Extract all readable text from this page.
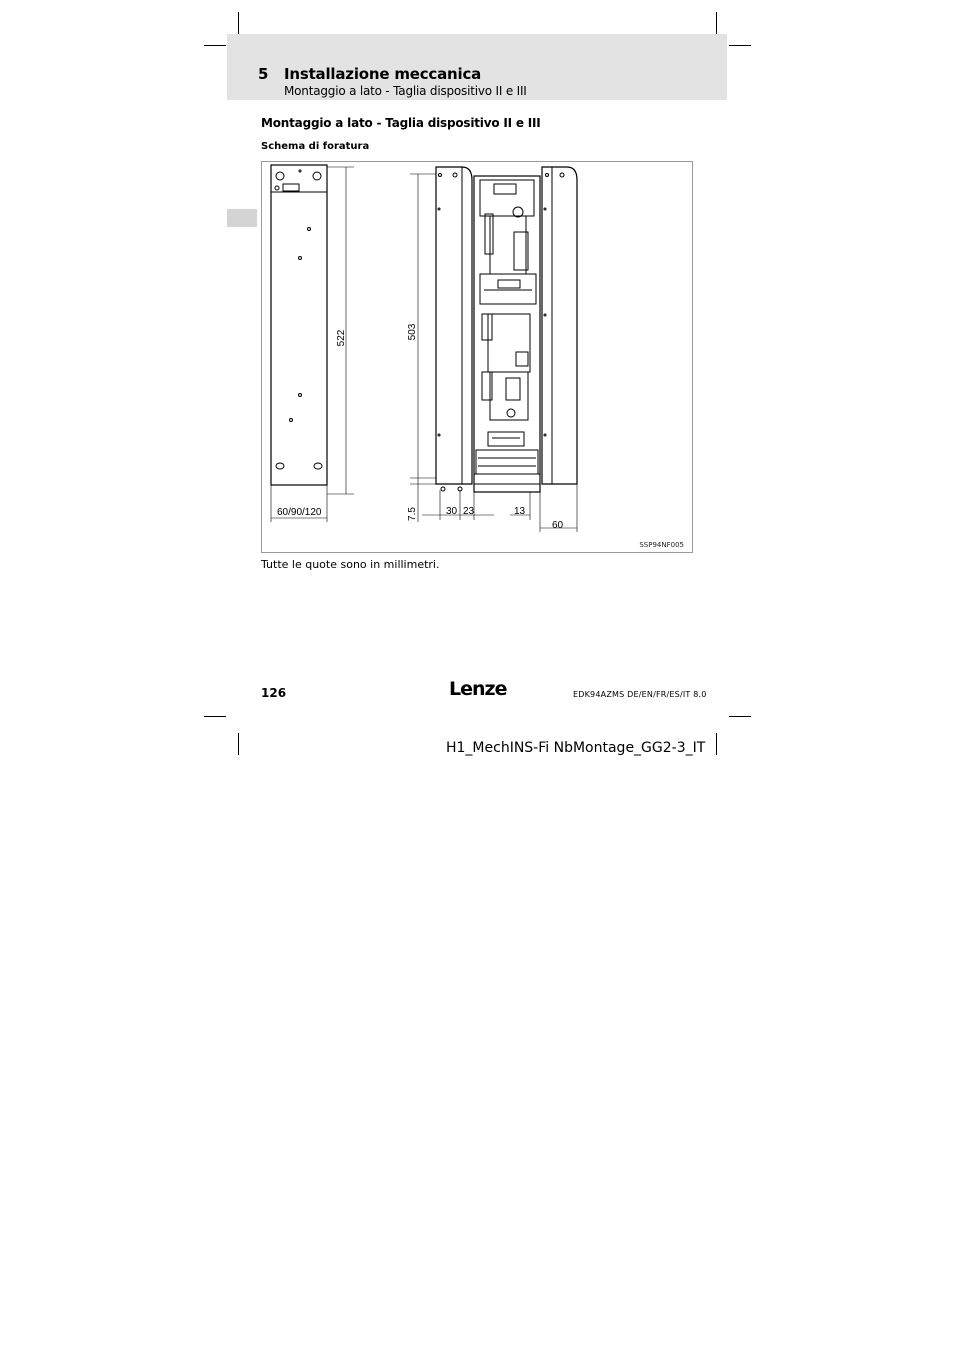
5 Installazione meccanica
Montaggio a lato - Taglia dispositivo II e III
Montaggio a lato - Taglia dispositivo II e III
Schema di foratura
522
60/90/120
503
7.5	30 23	13
60
SSP94NF005
Tutte le quote sono in millimetri.
126	Lenze	EDK94AZMS DE/EN/FR/ES/IT 8.0
H1_MechINS-Fi NbMontage_GG2-3_IT
